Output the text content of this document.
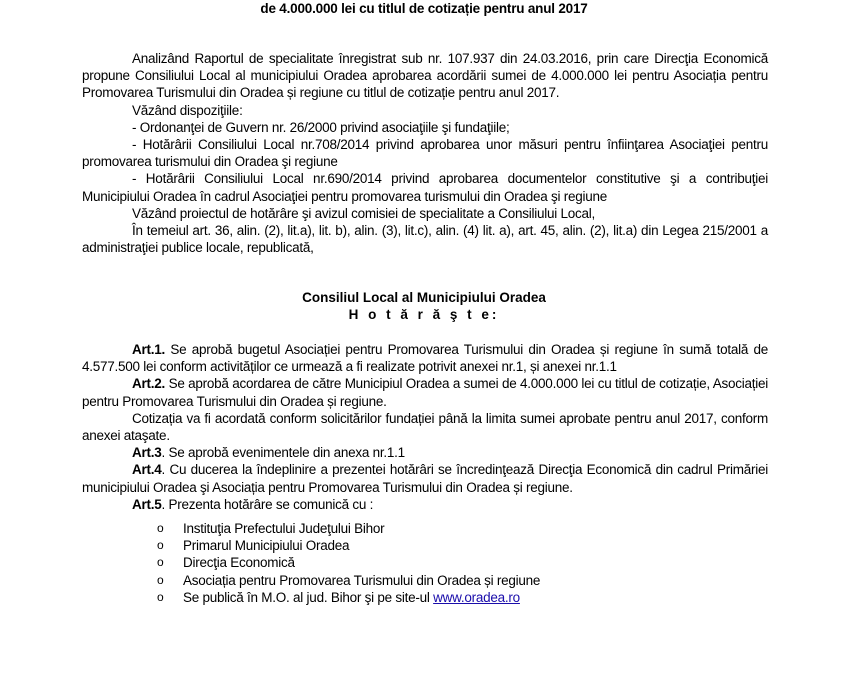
de 4.000.000 lei cu titlul de cotizație pentru anul 2017

Analizând Raportul de specialitate înregistrat sub nr. 107.937 din 24.03.2016, prin care Direcţia Economică propune Consiliului Local al municipiului Oradea aprobarea acordării sumei de 4.000.000 lei pentru Asociația pentru Promovarea Turismului din Oradea și regiune cu titlul de cotizație pentru anul 2017.

Văzând dispoziţiile:

- Ordonanţei de Guvern nr. 26/2000 privind asociaţiile şi fundaţiile;

- Hotărârii Consiliului Local nr.708/2014 privind aprobarea unor măsuri pentru înfiinţarea Asociaţiei pentru promovarea turismului din Oradea şi regiune

- Hotărârii Consiliului Local nr.690/2014 privind aprobarea documentelor constitutive şi a contribuţiei Municipiului Oradea în cadrul Asociaţiei pentru promovarea turismului din Oradea şi regiune

Văzând proiectul de hotărâre şi avizul comisiei de specialitate a Consiliului Local,

În temeiul art. 36, alin. (2), lit.a), lit. b), alin. (3), lit.c), alin. (4) lit. a), art. 45, alin. (2), lit.a) din Legea 215/2001 a administraţiei publice locale, republicată,

Consiliul Local al Municipiului Oradea
H o t ă r ă ş t e:

Art.1. Se aprobă bugetul Asociației pentru Promovarea Turismului din Oradea și regiune în sumă totală de 4.577.500 lei conform activităților ce urmează a fi realizate potrivit anexei nr.1, și anexei nr.1.1

Art.2. Se aprobă acordarea de către Municipiul Oradea a sumei de 4.000.000 lei cu titlul de cotizație, Asociației pentru Promovarea Turismului din Oradea și regiune.

Cotizația va fi acordată conform solicitărilor fundației până la limita sumei aprobate pentru anul 2017, conform anexei ataşate.

Art.3. Se aprobă evenimentele din anexa nr.1.1

Art.4. Cu ducerea la îndeplinire a prezentei hotărâri se încredinţează Direcţia Economică din cadrul Primăriei municipiului Oradea şi Asociația pentru Promovarea Turismului din Oradea și regiune.

Art.5. Prezenta hotărâre se comunică cu :

o Instituţia Prefectului Judeţului Bihor
o Primarul Municipiului Oradea
o Direcţia Economică
o Asociația pentru Promovarea Turismului din Oradea și regiune
o Se publică în M.O. al jud. Bihor şi pe site-ul www.oradea.ro
